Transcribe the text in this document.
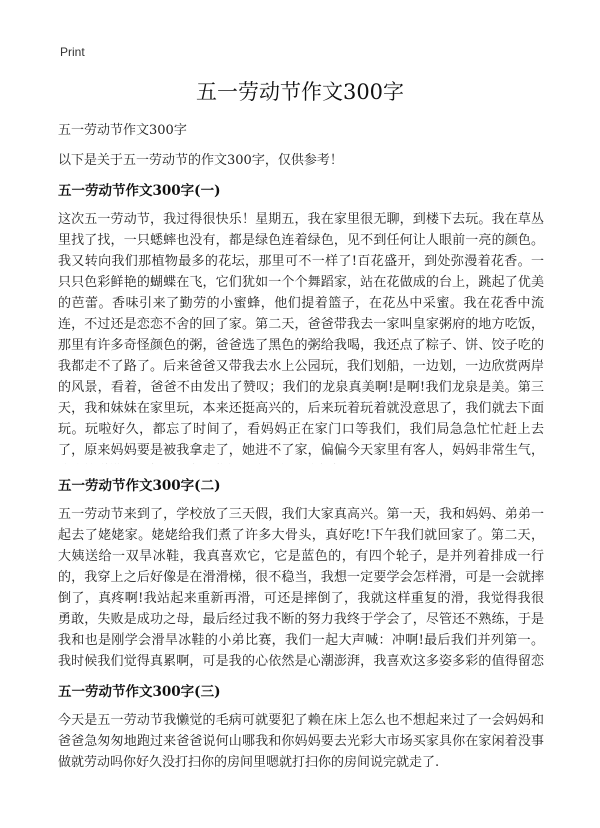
Print
五一劳动节作文300字

五一劳动节作文300字

以下是关于五一劳动节的作文300字，仅供参考！

五一劳动节作文300字(一)

这次五一劳动节，我过得很快乐！星期五，我在家里很无聊，到楼下去玩。我在草丛里找了找，一只蟋蟀也没有，都是绿色连着绿色，见不到任何让人眼前一亮的颜色。我又转向我们那植物最多的花坛，那里可不一样了!百花盛开，到处弥漫着花香。一只只色彩鲜艳的蝴蝶在飞，它们犹如一个个舞蹈家，站在花做成的台上，跳起了优美的芭蕾。香味引来了勤劳的小蜜蜂，他们提着篮子，在花丛中采蜜。我在花香中流连，不过还是恋恋不舍的回了家。第二天，爸爸带我去一家叫皇家粥府的地方吃饭，那里有许多奇怪颜色的粥，爸爸选了黑色的粥给我喝，我还点了粽子、饼、饺子吃的我都走不了路了。后来爸爸又带我去水上公园玩，我们划船，一边划，一边欣赏两岸的风景，看着，爸爸不由发出了赞叹；我们的龙泉真美啊!是啊!我们龙泉是美。第三天，我和妹妹在家里玩，本来还挺高兴的，后来玩着玩着就没意思了，我们就去下面玩。玩啦好久，都忘了时间了，看妈妈正在家门口等我们，我们局急急忙忙赶上去了，原来妈妈要是被我拿走了，她进不了家，偏偏今天家里有客人，妈妈非常生气，

五一劳动节作文300字(二)

五一劳动节来到了，学校放了三天假，我们大家真高兴。第一天，我和妈妈、弟弟一起去了姥姥家。姥姥给我们煮了许多大骨头，真好吃!下午我们就回家了。第二天，大姨送给一双旱冰鞋，我真喜欢它，它是蓝色的，有四个轮子，是并列着排成一行的，我穿上之后好像是在滑滑梯，很不稳当，我想一定要学会怎样滑，可是一会就摔倒了，真疼啊!我站起来重新再滑，可还是摔倒了，我就这样重复的滑，我觉得我很勇敢，失败是成功之母，最后经过我不断的努力我终于学会了，尽管还不熟练，于是我和也是刚学会滑旱冰鞋的小弟比赛，我们一起大声喊：冲啊!最后我们并列第一。我时候我们觉得真累啊，可是我的心依然是心潮澎湃，我喜欢这多姿多彩的值得留恋

五一劳动节作文300字(三)

今天是五一劳动节我懒觉的毛病可就要犯了赖在床上怎么也不想起来过了一会妈妈和爸爸急匆匆地跑过来爸爸说何山哪我和你妈妈要去光彩大市场买家具你在家闲着没事做就劳动吗你好久没打扫你的房间里嗯就打扫你的房间说完就走了.
